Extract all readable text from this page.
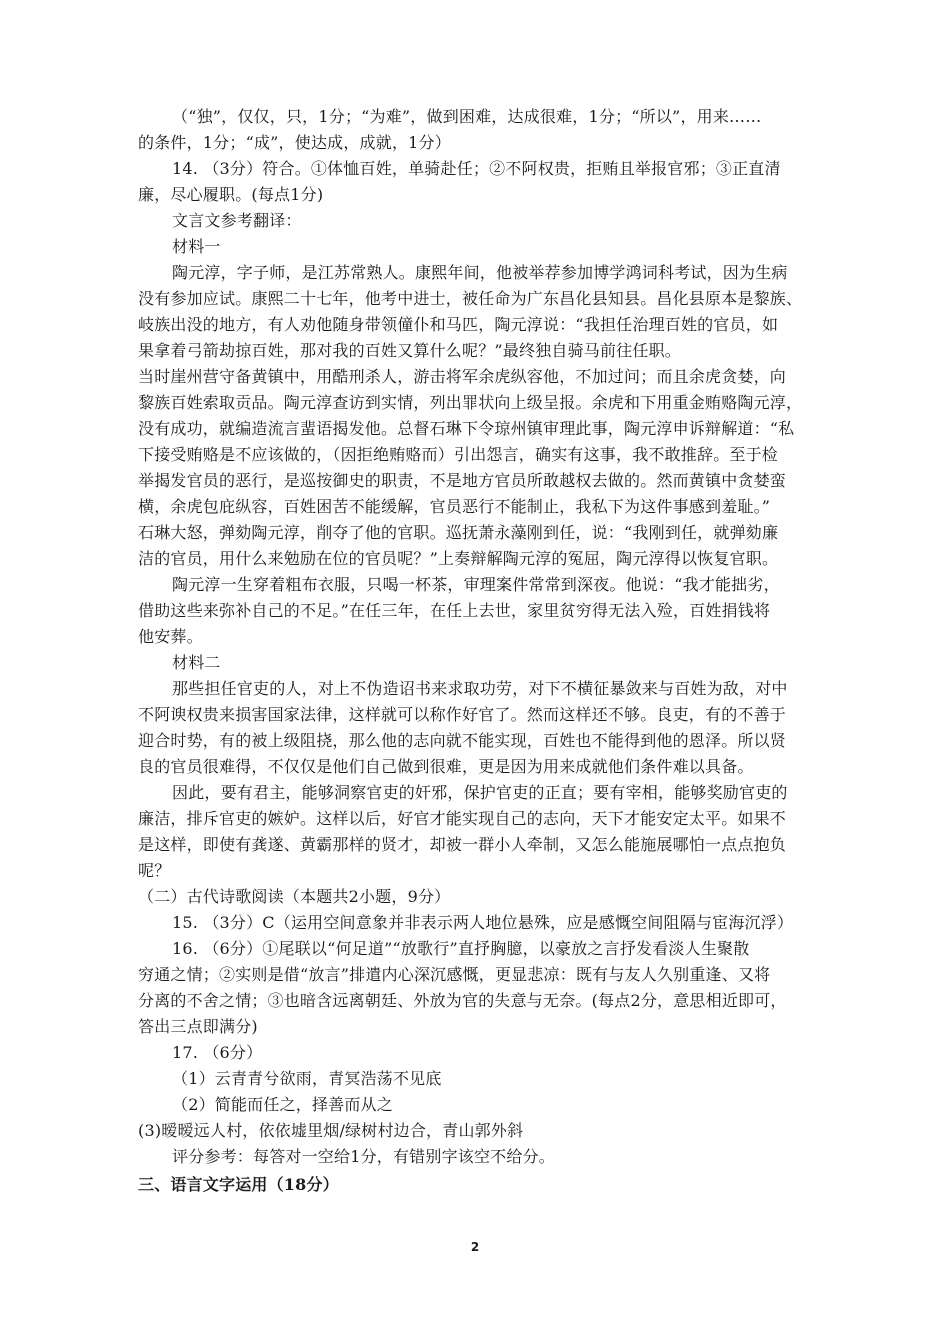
（“独”，仅仅，只，1分；“为难”，做到困难，达成很难，1分；“所以”，用来……

的条件，1分；“成”，使达成，成就，1分）

14. （3分）符合。①体恤百姓，单骑赴任；②不阿权贵，拒贿且举报官邪；③正直清

廉，尽心履职。(每点1分)

文言文参考翻译：

材料一

陶元淳，字子师，是江苏常熟人。康熙年间，他被举荐参加博学鸿词科考试，因为生病

没有参加应试。康熙二十七年，他考中进士，被任命为广东昌化县知县。昌化县原本是黎族、

岐族出没的地方，有人劝他随身带领僮仆和马匹，陶元淳说：“我担任治理百姓的官员，如

果拿着弓箭劫掠百姓，那对我的百姓又算什么呢？”最终独自骑马前往任职。

当时崖州营守备黄镇中，用酷刑杀人，游击将军余虎纵容他，不加过问；而且余虎贪婪，向

黎族百姓索取贡品。陶元淳查访到实情，列出罪状向上级呈报。余虎和下用重金贿赂陶元淳，

没有成功，就编造流言蜚语揭发他。总督石琳下令琼州镇审理此事，陶元淳申诉辩解道：“私

下接受贿赂是不应该做的，（因拒绝贿赂而）引出怨言，确实有这事，我不敢推辞。至于检

举揭发官员的恶行，是巡按御史的职责，不是地方官员所敢越权去做的。然而黄镇中贪婪蛮

横，余虎包庇纵容，百姓困苦不能缓解，官员恶行不能制止，我私下为这件事感到羞耻。”

石琳大怒，弹劾陶元淳，削夺了他的官职。巡抚萧永藻刚到任，说：“我刚到任，就弹劾廉

洁的官员，用什么来勉励在位的官员呢？”上奏辩解陶元淳的冤屈，陶元淳得以恢复官职。

陶元淳一生穿着粗布衣服，只喝一杯茶，审理案件常常到深夜。他说：“我才能拙劣，

借助这些来弥补自己的不足。”在任三年，在任上去世，家里贫穷得无法入殓，百姓捐钱将

他安葬。

材料二

那些担任官吏的人，对上不伪造诏书来求取功劳，对下不横征暴敛来与百姓为敌，对中

不阿谀权贵来损害国家法律，这样就可以称作好官了。然而这样还不够。良吏，有的不善于

迎合时势，有的被上级阻挠，那么他的志向就不能实现，百姓也不能得到他的恩泽。所以贤

良的官员很难得，不仅仅是他们自己做到很难，更是因为用来成就他们条件难以具备。

因此，要有君主，能够洞察官吏的奸邪，保护官吏的正直；要有宰相，能够奖励官吏的

廉洁，排斥官吏的嫉妒。这样以后，好官才能实现自己的志向，天下才能安定太平。如果不

是这样，即使有龚遂、黄霸那样的贤才，却被一群小人牵制，又怎么能施展哪怕一点点抱负

呢？

（二）古代诗歌阅读（本题共2小题，9分）

15. （3分）C（运用空间意象并非表示两人地位悬殊，应是感慨空间阻隔与宦海沉浮）

16. （6分）①尾联以“何足道”“放歌行”直抒胸臆，以豪放之言抒发看淡人生聚散

穷通之情；②实则是借“放言”排遣内心深沉感慨，更显悲凉：既有与友人久别重逢、又将

分离的不舍之情；③也暗含远离朝廷、外放为官的失意与无奈。(每点2分，意思相近即可，

答出三点即满分)

17. （6分）

（1）云青青兮欲雨，青冥浩荡不见底

（2）简能而任之，择善而从之

(3)暧暧远人村，依依墟里烟/绿树村边合，青山郭外斜

评分参考：每答对一空给1分，有错别字该空不给分。

三、语言文字运用（18分）

2
